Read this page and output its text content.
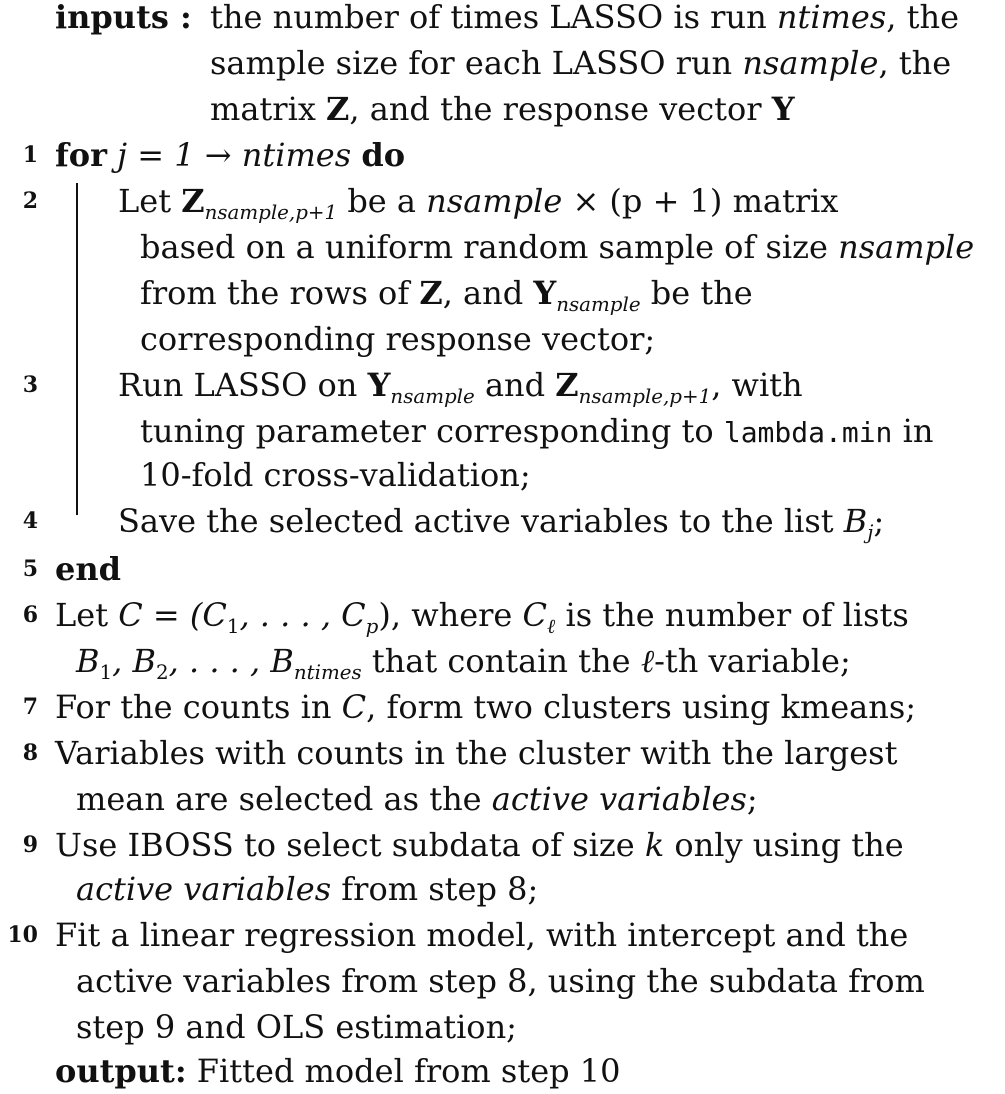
inputs : the number of times LASSO is run ntimes, the
sample size for each LASSO run nsample, the
matrix Z, and the response vector Y
1
2
3
4
5
6
7
8
9
10
for j = 1 → ntimes do
Let $Z_{nsample,p+1}$ be a nsample × (p + 1) matrix
based on a uniform random sample of size nsample
from the rows of Z, and $Y_{nsample}$ be the
corresponding response vector;
Run LASSO on $Y_{nsample}$ and $Z_{nsample,p+1}$, with
tuning parameter corresponding to lambda.min in
10-fold cross-validation;
Save the selected active variables to the list $B_j$;
end
Let $C = (C_1$, . . . , $C_p$), where $C_\ell$ is the number of lists
$B_1$, $B_2$, . . . , $B_{ntimes}$ that contain the ℓ-th variable;
For the counts in C, form two clusters using kmeans;
Variables with counts in the cluster with the largest
mean are selected as the active variables;
Use IBOSS to select subdata of size k only using the
active variables from step 8;
Fit a linear regression model, with intercept and the
active variables from step 8, using the subdata from
step 9 and OLS estimation;
output: Fitted model from step 10
